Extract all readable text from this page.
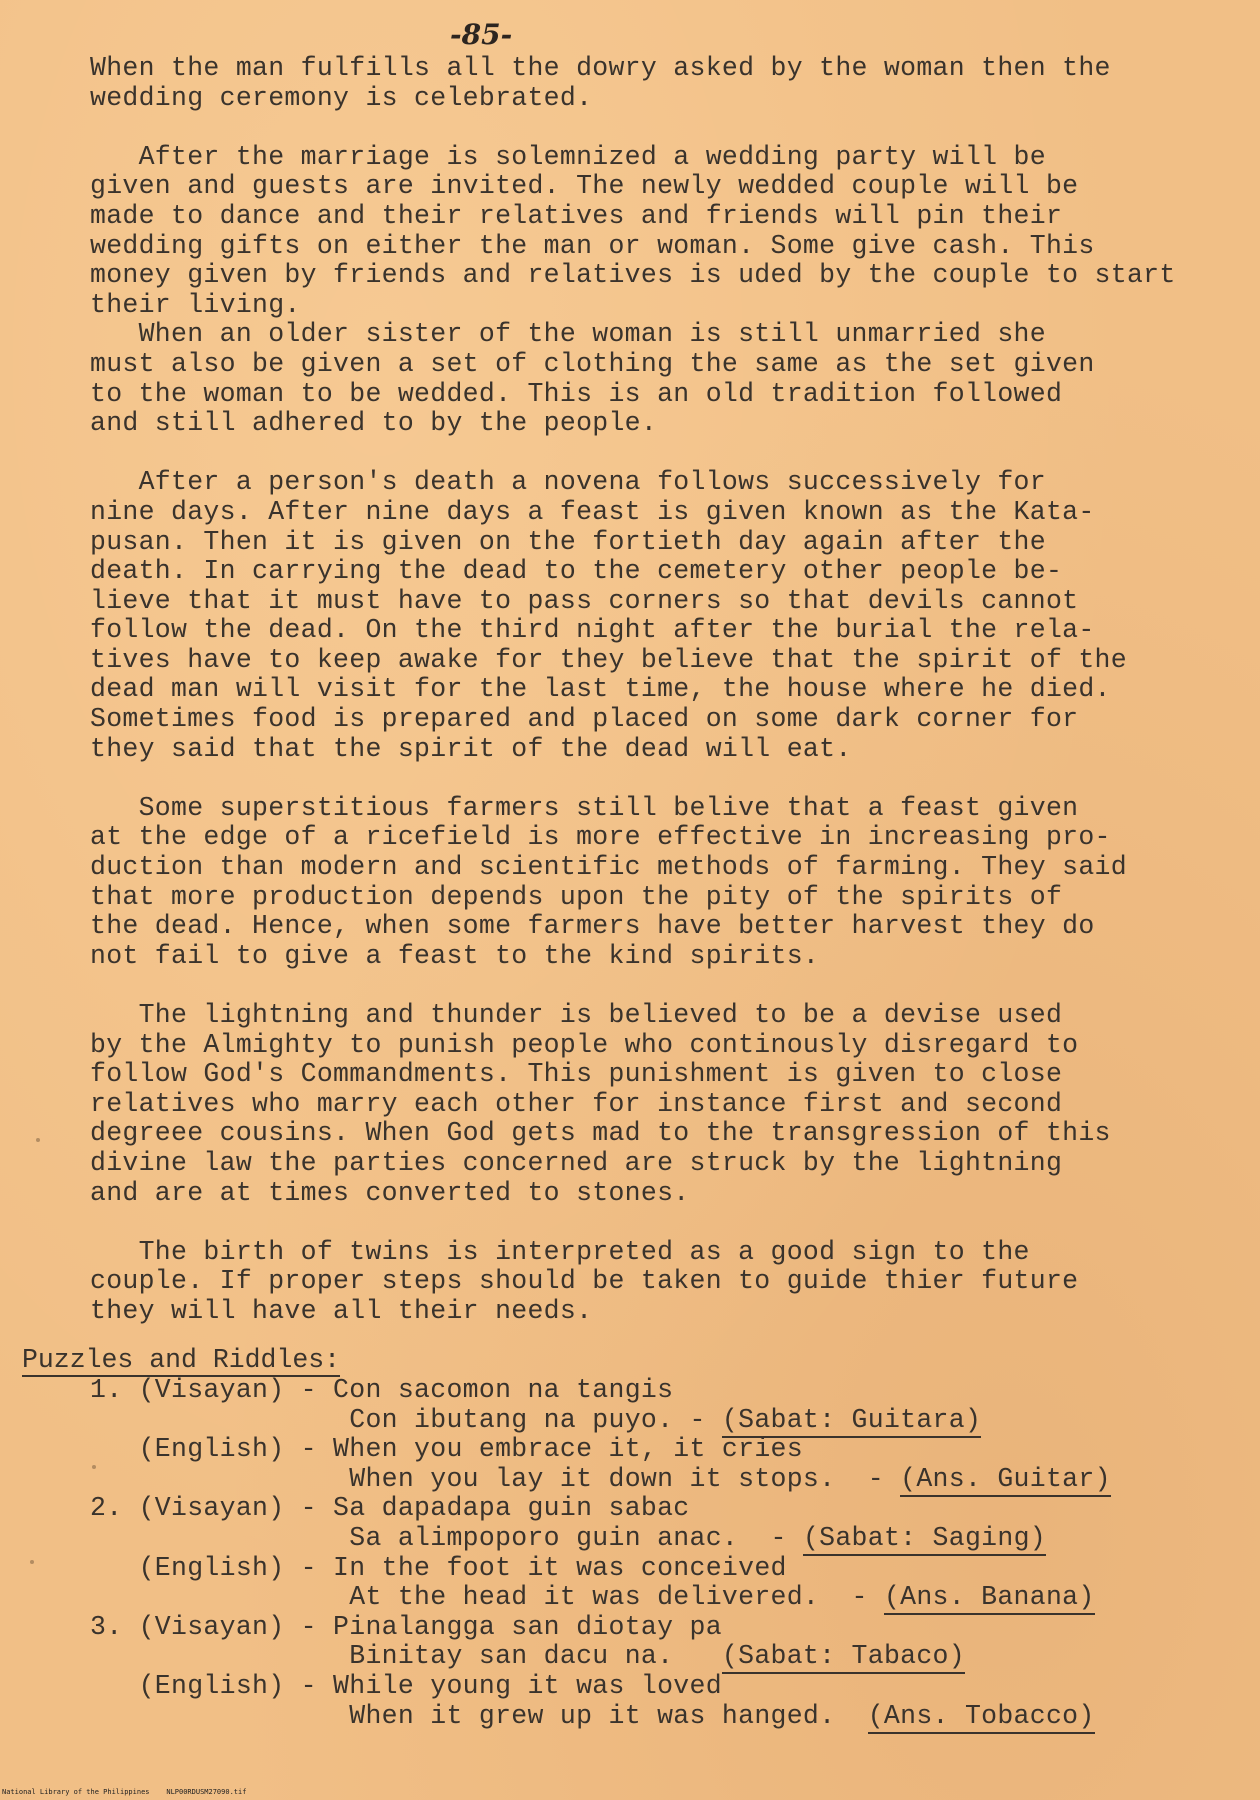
-85-
When the man fulfills all the dowry asked by the woman then the
wedding ceremony is celebrated.
After the marriage is solemnized a wedding party will be
given and guests are invited. The newly wedded couple will be
made to dance and their relatives and friends will pin their
wedding gifts on either the man or woman. Some give cash. This
money given by friends and relatives is uded by the couple to start
their living.
When an older sister of the woman is still unmarried she
must also be given a set of clothing the same as the set given
to the woman to be wedded. This is an old tradition followed
and still adhered to by the people.
After a person's death a novena follows successively for
nine days. After nine days a feast is given known as the Kata-
pusan. Then it is given on the fortieth day again after the
death. In carrying the dead to the cemetery other people be-
lieve that it must have to pass corners so that devils cannot
follow the dead. On the third night after the burial the rela-
tives have to keep awake for they believe that the spirit of the
dead man will visit for the last time, the house where he died.
Sometimes food is prepared and placed on some dark corner for
they said that the spirit of the dead will eat.
Some superstitious farmers still belive that a feast given
at the edge of a ricefield is more effective in increasing pro-
duction than modern and scientific methods of farming. They said
that more production depends upon the pity of the spirits of
the dead. Hence, when some farmers have better harvest they do
not fail to give a feast to the kind spirits.
The lightning and thunder is believed to be a devise used
by the Almighty to punish people who continously disregard to
follow God's Commandments. This punishment is given to close
relatives who marry each other for instance first and second
degreee cousins. When God gets mad to the transgression of this
divine law the parties concerned are struck by the lightning
and are at times converted to stones.
The birth of twins is interpreted as a good sign to the
couple. If proper steps should be taken to guide thier future
they will have all their needs.
Puzzles and Riddles:
1. (Visayan) - Con sacomon na tangis
Con ibutang na puyo. - (Sabat: Guitara)
(English) - When you embrace it, it cries
When you lay it down it stops.  - (Ans. Guitar)
2. (Visayan) - Sa dapadapa guin sabac
Sa alimpoporo guin anac.  - (Sabat: Saging)
(English) - In the foot it was conceived
At the head it was delivered.  - (Ans. Banana)
3. (Visayan) - Pinalangga san diotay pa
Binitay san dacu na. (Sabat: Tabaco)
(English) - While young it was loved
When it grew up it was hanged. (Ans. Tobacco)
National Library of the Philippines    NLP00RDUSM27090.tif
